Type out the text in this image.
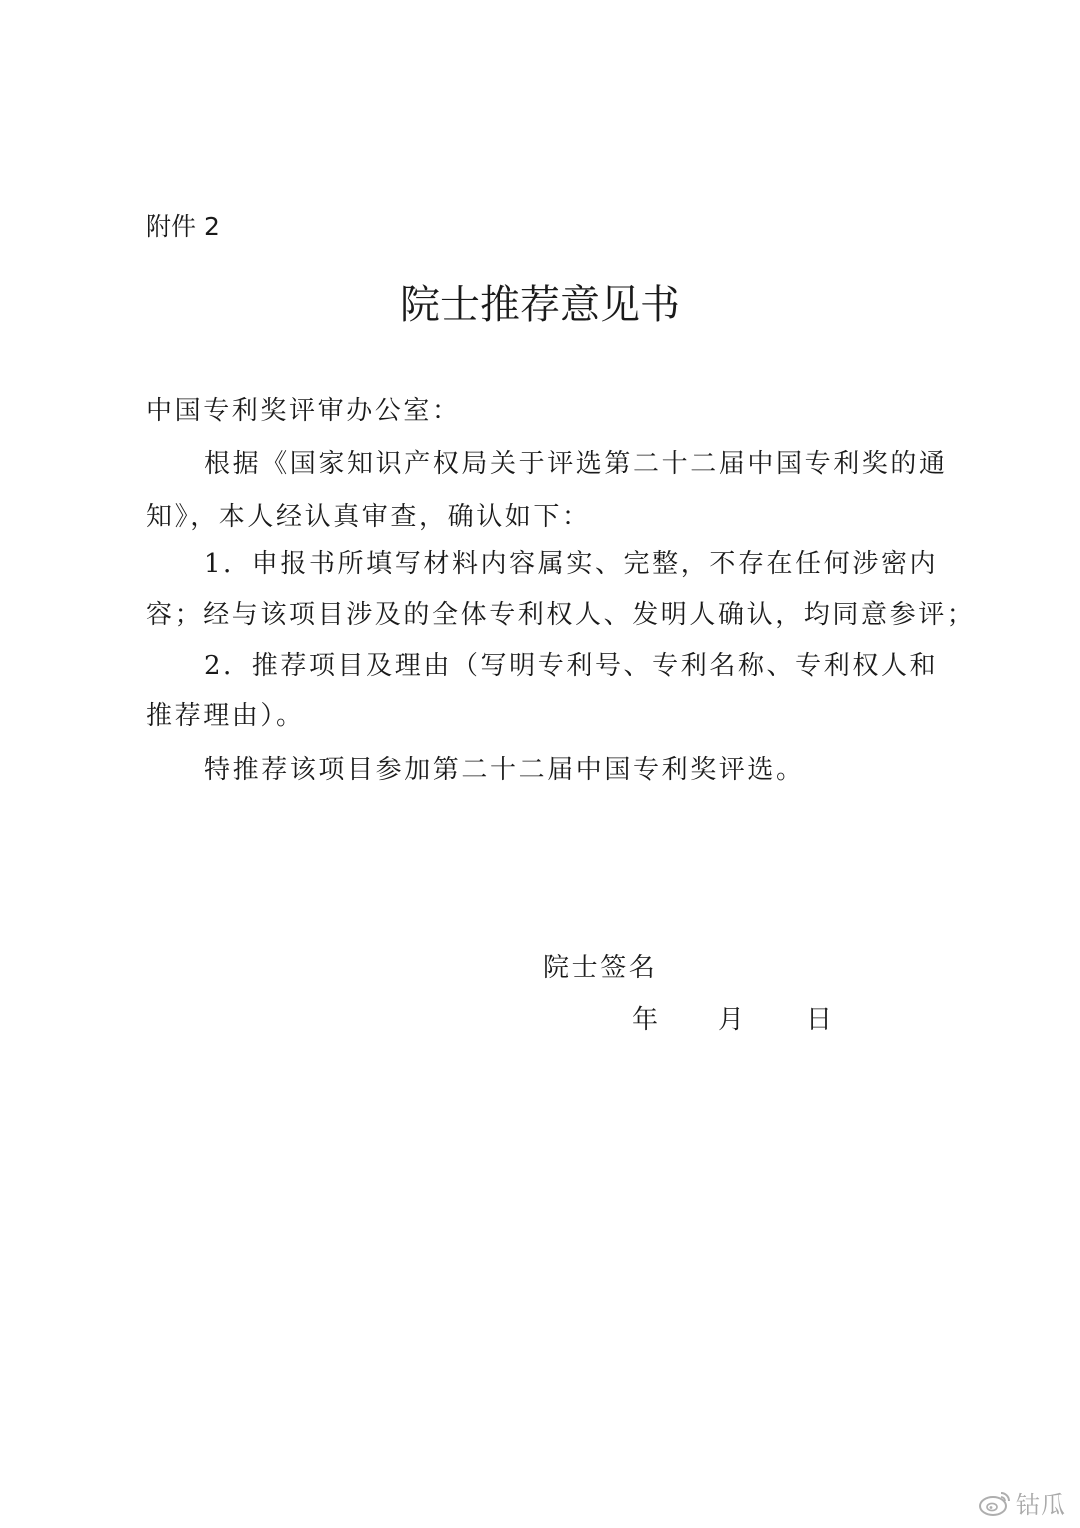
附件 2
院士推荐意见书
中国专利奖评审办公室：
根据《国家知识产权局关于评选第二十二届中国专利奖的通
知》，本人经认真审查，确认如下：
1．申报书所填写材料内容属实、完整，不存在任何涉密内
容；经与该项目涉及的全体专利权人、发明人确认，均同意参评；
2．推荐项目及理由（写明专利号、专利名称、专利权人和
推荐理由）。
特推荐该项目参加第二十二届中国专利奖评选。
院士签名
年 月 日
钴瓜
